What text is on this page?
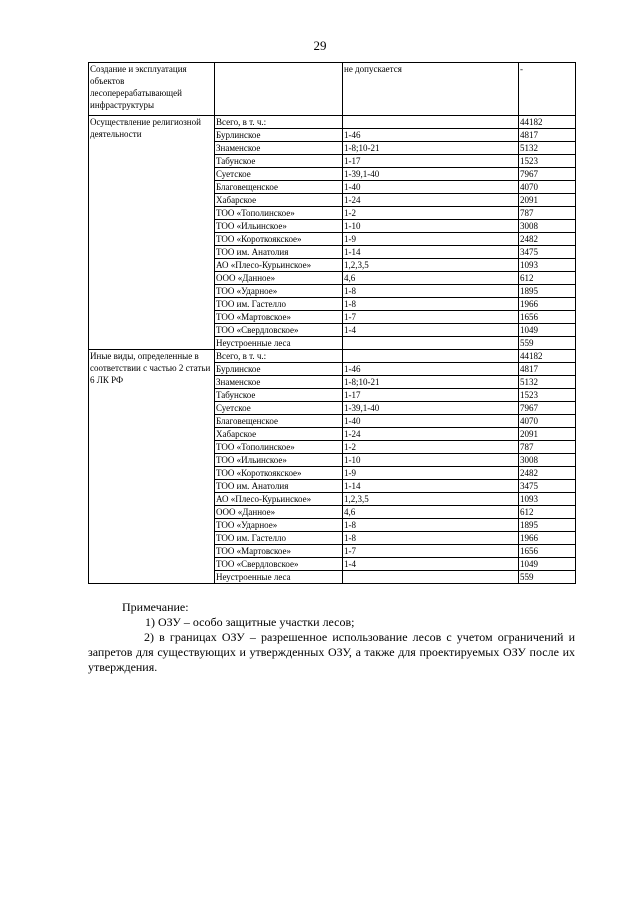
29
Создание и эксплуатация объектов лесоперерабатывающей инфраструктуры		не допускается	-
Осуществление религиозной деятельности	Всего, в т. ч.:		44182
	Бурлинское	1-46	4817
	Знаменское	1-8;10-21	5132
	Табунское	1-17	1523
	Суетское	1-39,1-40	7967
	Благовещенское	1-40	4070
	Хабарское	1-24	2091
	ТОО «Тополинское»	1-2	787
	ТОО «Ильинское»	1-10	3008
	ТОО «Короткоякское»	1-9	2482
	ТОО им. Анатолия	1-14	3475
	АО «Плесо-Курьинское»	1,2,3,5	1093
	ООО «Данное»	4,6	612
	ТОО «Ударное»	1-8	1895
	ТОО им. Гастелло	1-8	1966
	ТОО «Мартовское»	1-7	1656
	ТОО «Свердловское»	1-4	1049
	Неустроенные леса		559
Иные виды, определенные в соответствии с частью 2 статьи 6 ЛК РФ	Всего, в т. ч.:		44182
	Бурлинское	1-46	4817
	Знаменское	1-8;10-21	5132
	Табунское	1-17	1523
	Суетское	1-39,1-40	7967
	Благовещенское	1-40	4070
	Хабарское	1-24	2091
	ТОО «Тополинское»	1-2	787
	ТОО «Ильинское»	1-10	3008
	ТОО «Короткоякское»	1-9	2482
	ТОО им. Анатолия	1-14	3475
	АО «Плесо-Курьинское»	1,2,3,5	1093
	ООО «Данное»	4,6	612
	ТОО «Ударное»	1-8	1895
	ТОО им. Гастелло	1-8	1966
	ТОО «Мартовское»	1-7	1656
	ТОО «Свердловское»	1-4	1049
	Неустроенные леса		559
Примечание:
1) ОЗУ – особо защитные участки лесов;
2) в границах ОЗУ – разрешенное использование лесов с учетом ограничений и запретов для существующих и утвержденных ОЗУ, а также для проектируемых ОЗУ после их утверждения.
